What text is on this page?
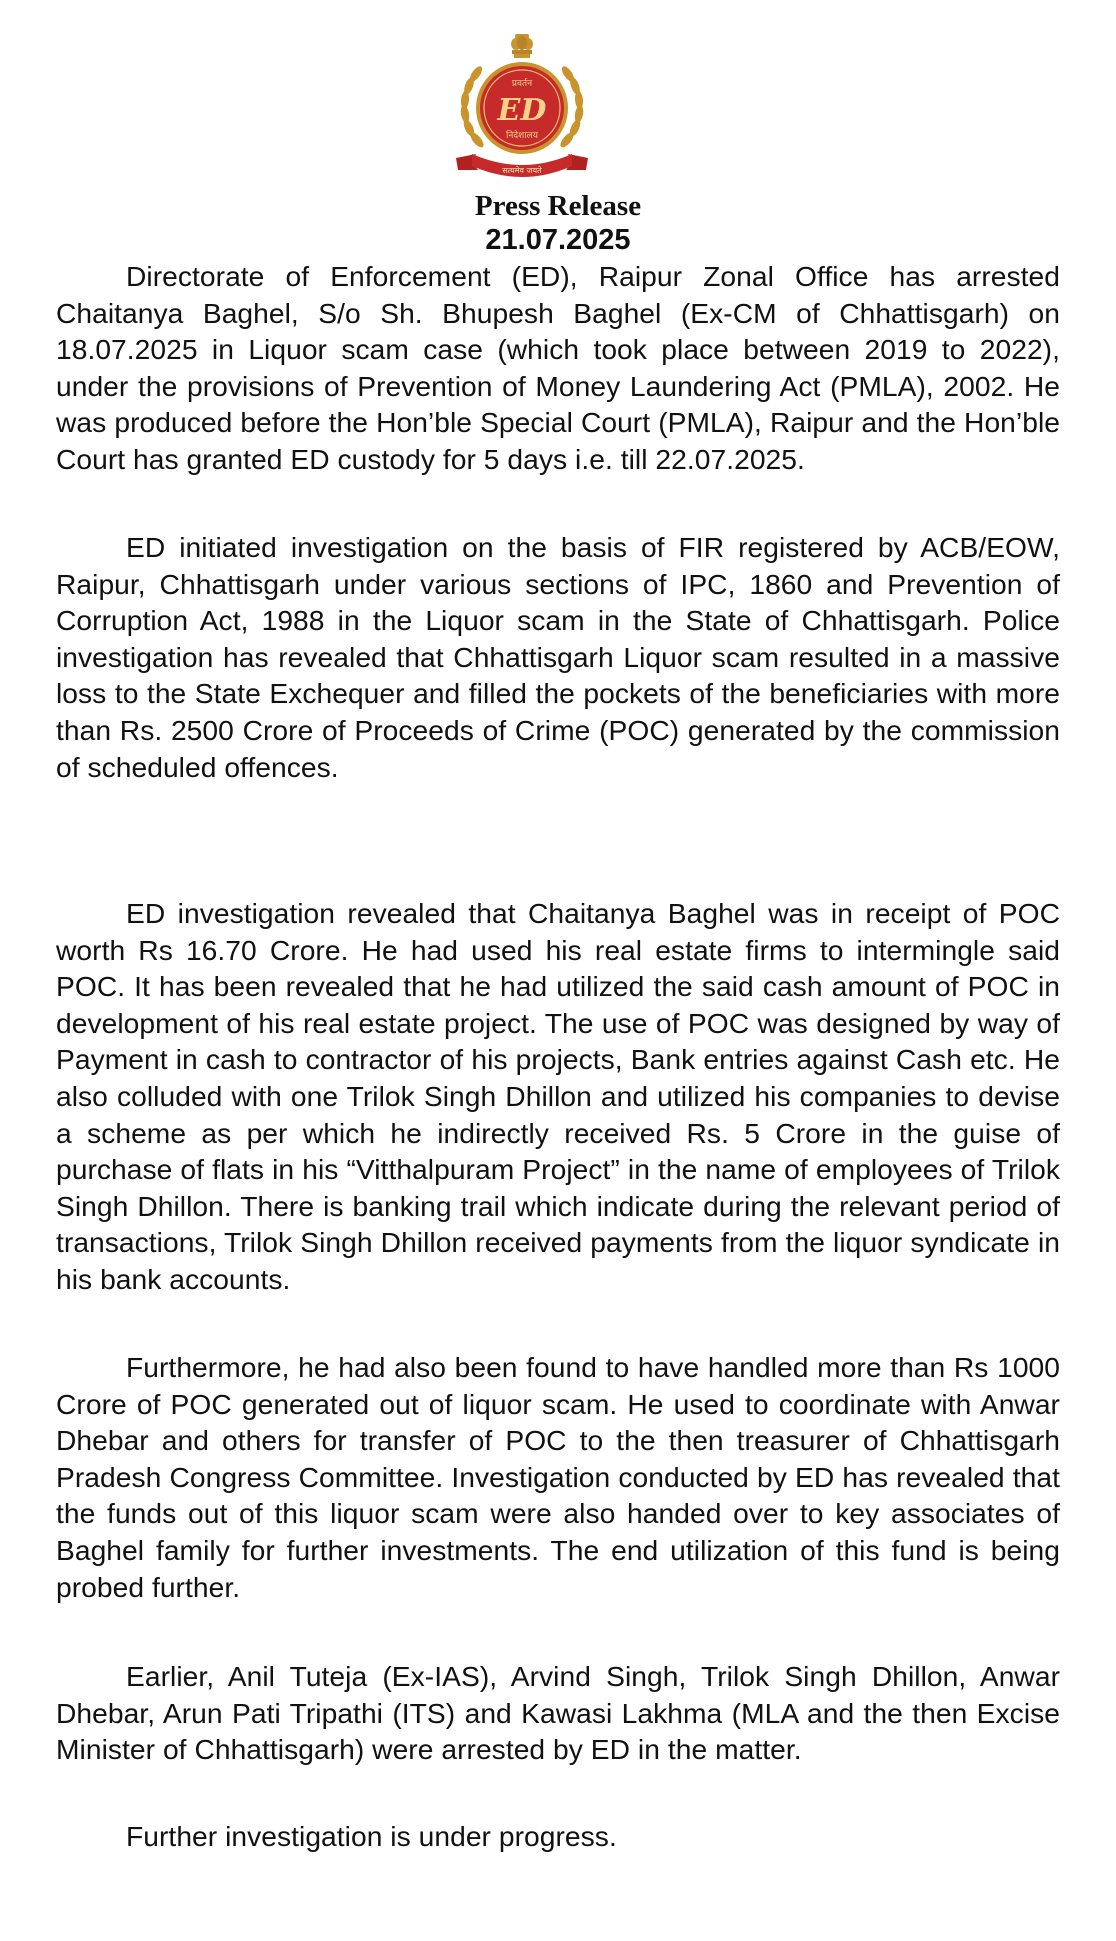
प्रवर्तन
ED
निदेशालय
सत्यमेव जयते
Press Release
21.07.2025

Directorate of Enforcement (ED), Raipur Zonal Office has arrested Chaitanya Baghel, S/o Sh. Bhupesh Baghel (Ex-CM of Chhattisgarh) on 18.07.2025 in Liquor scam case (which took place between 2019 to 2022), under the provisions of Prevention of Money Laundering Act (PMLA), 2002. He was produced before the Hon’ble Special Court (PMLA), Raipur and the Hon’ble Court has granted ED custody for 5 days i.e. till 22.07.2025.

ED initiated investigation on the basis of FIR registered by ACB/EOW, Raipur, Chhattisgarh under various sections of IPC, 1860 and Prevention of Corruption Act, 1988 in the Liquor scam in the State of Chhattisgarh. Police investigation has revealed that Chhattisgarh Liquor scam resulted in a massive loss to the State Exchequer and filled the pockets of the beneficiaries with more than Rs. 2500 Crore of Proceeds of Crime (POC) generated by the commission of scheduled offences.

ED investigation revealed that Chaitanya Baghel was in receipt of POC worth Rs 16.70 Crore. He had used his real estate firms to intermingle said POC. It has been revealed that he had utilized the said cash amount of POC in development of his real estate project. The use of POC was designed by way of Payment in cash to contractor of his projects, Bank entries against Cash etc. He also colluded with one Trilok Singh Dhillon and utilized his companies to devise a scheme as per which he indirectly received Rs. 5 Crore in the guise of purchase of flats in his “Vitthalpuram Project” in the name of employees of Trilok Singh Dhillon. There is banking trail which indicate during the relevant period of transactions, Trilok Singh Dhillon received payments from the liquor syndicate in his bank accounts.

Furthermore, he had also been found to have handled more than Rs 1000 Crore of POC generated out of liquor scam. He used to coordinate with Anwar Dhebar and others for transfer of POC to the then treasurer of Chhattisgarh Pradesh Congress Committee. Investigation conducted by ED has revealed that the funds out of this liquor scam were also handed over to key associates of Baghel family for further investments. The end utilization of this fund is being probed further.

Earlier, Anil Tuteja (Ex-IAS), Arvind Singh, Trilok Singh Dhillon, Anwar Dhebar, Arun Pati Tripathi (ITS) and Kawasi Lakhma (MLA and the then Excise Minister of Chhattisgarh) were arrested by ED in the matter.

Further investigation is under progress.
